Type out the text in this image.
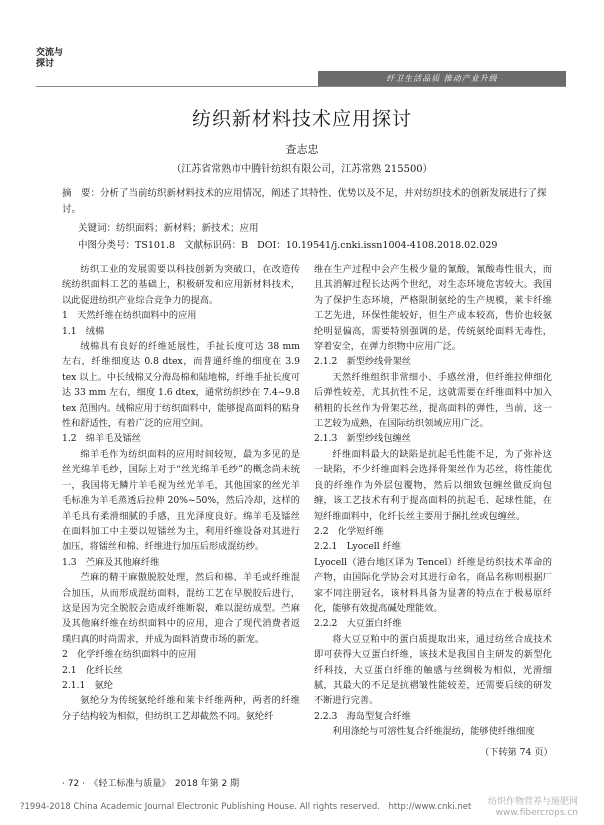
交流与
探讨
纤卫生活品质 推动产业升级
纺织新材料技术应用探讨
查志忠
（江苏省常熟市中腾针纺织有限公司，江苏常熟 215500）

摘　要：分析了当前纺织新材料技术的应用情况，阐述了其特性、优势以及不足，并对纺织技术的创新发展进行了探讨。

关键词：纺织面料；新材料；新技术；应用
中图分类号：TS101.8 文献标识码：B DOI：10.19541/j.cnki.issn1004-4108.2018.02.029

纺织工业的发展需要以科技创新为突破口，在改造传统纺织面料工艺的基础上，积极研发和应用新材料技术，以此促进纺织产业综合竞争力的提高。

1　天然纤维在纺织面料中的应用

1.1　绒棉

绒棉具有良好的纤维延展性，手扯长度可达 38 mm 左右，纤维细度达 0.8 dtex，而普通纤维的细度在 3.9 tex 以上。中长绒棉又分海岛棉和陆地棉，纤维手扯长度可达 33 mm 左右，细度 1.6 dtex，通常纺织纱在 7.4~9.8 tex 范围内。绒棉应用于纺织面料中，能够提高面料的粘身性和舒适性，有着广泛的应用空间。

1.2　绵羊毛及镭丝

绵羊毛作为纺织面料的应用时间较短，最为多见的是丝光绵羊毛纱，国际上对于“丝光绵羊毛纱”的概念尚未统一，我国将无鳞片羊毛视为丝光羊毛，其他国家的丝光羊毛标准为羊毛蒸透后拉伸 20%~50%，然后冷却，这样的羊毛具有柔滑细腻的手感，且光泽度良好。绵羊毛及镭丝在面料加工中主要以短镭丝为主，利用纤维设备对其进行加压，将镭丝和棉、纤维进行加压后形成混纺纱。

1.3　苎麻及其他麻纤维

苎麻的精干麻傲脱胶处理，然后和棉、羊毛或纤维混合加压，从而形成混纺面料，混纺工艺在早脱胶后进行，这是因为完全脱胶会造成纤维断裂，难以混纺成型。苎麻及其他麻纤维在纺织面料中的应用，迎合了现代消费者返璞归真的时尚需求，并成为面料消费市场的新宠。

2　化学纤维在纺织面料中的应用

2.1　化纤长丝

2.1.1　氨纶

氨纶分为传统氨纶纤维和莱卡纤维两种，两者的纤维分子结构较为相似，但纺织工艺却截然不同。氨纶纤

维在生产过程中会产生极少量的氰酸，氰酸毒性很大，而且其消解过程长达两个世纪，对生态环境危害较大。我国为了保护生态环境，严格限制氨纶的生产规模，莱卡纤维工艺先进，环保性能较好，但生产成本较高，售价也较氨纶明显偏高，需要特别强调的是，传统氨纶面料无毒性，穿着安全，在弹力织物中应用广泛。

2.1.2　新型纱线骨架丝

天然纤维组织非常细小、手感丝滑，但纤维拉伸细化后弹性较差，尤其抗性不足，这就需要在纤维面料中加入稍粗的长丝作为骨架芯丝，提高面料的弹性，当前，这一工艺较为成熟，在国际纺织领域应用广泛。

2.1.3　新型纱线包缠丝

纤维面料最大的缺陷是抗起毛性能不足，为了弥补这一缺陷，不少纤维面料会选择骨架丝作为芯丝，将性能优良的纤维作为外层包覆物，然后以细致包缠丝做反向包缠，该工艺技术有利于提高面料的抗起毛、起球性能，在短纤维面料中，化纤长丝主要用于捆扎丝或包缠丝。

2.2　化学短纤维

2.2.1　Lyocell 纤维

Lyocell（港台地区译为 Tencel）纤维是纺织技术革命的产物，由国际化学协会对其进行命名，商品名称则根据厂家不同注册冠名，该材料具备为显著的特点在于极易原纤化，能够有效提高碱处理能效。

2.2.2　大豆蛋白纤维

将大豆豆粕中的蛋白质提取出来，通过纺丝合成技术即可获得大豆蛋白纤维，该技术是我国自主研发的新型化纤科技，大豆蛋白纤维的触感与丝绸极为相似，光滑细腻，其最大的不足是抗褶皱性能较差，还需要后续的研发不断进行完善。

2.2.3　海岛型复合纤维

利用涤纶与可溶性复合纤维混纺，能够使纤维细度

（下转第 74 页）
· 72 ·　《轻工标准与质量》　2018 年第 2 期
?1994-2018 China Academic Journal Electronic Publishing House. All rights reserved.　http://www.cnki.net 纺织作物营养与施肥网
www.fibercrops.cn
